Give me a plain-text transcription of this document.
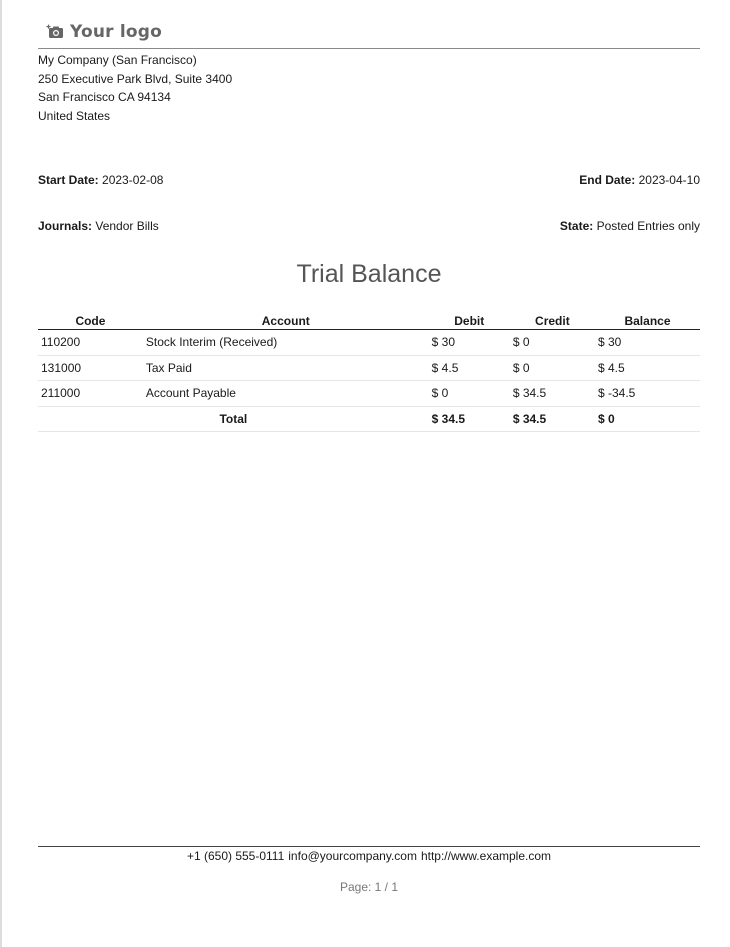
Your logo
My Company (San Francisco)
250 Executive Park Blvd, Suite 3400
San Francisco CA 94134
United States
Start Date: 2023-02-08	End Date: 2023-04-10
Journals: Vendor Bills	State: Posted Entries only
Trial Balance
Code	Account	Debit	Credit	Balance
110200	Stock Interim (Received)	$ 30	$ 0	$ 30
131000	Tax Paid	$ 4.5	$ 0	$ 4.5
211000	Account Payable	$ 0	$ 34.5	$ -34.5
Total		$ 34.5	$ 34.5	$ 0
+1 (650) 555-0111 info@yourcompany.com http://www.example.com
Page: 1 / 1
